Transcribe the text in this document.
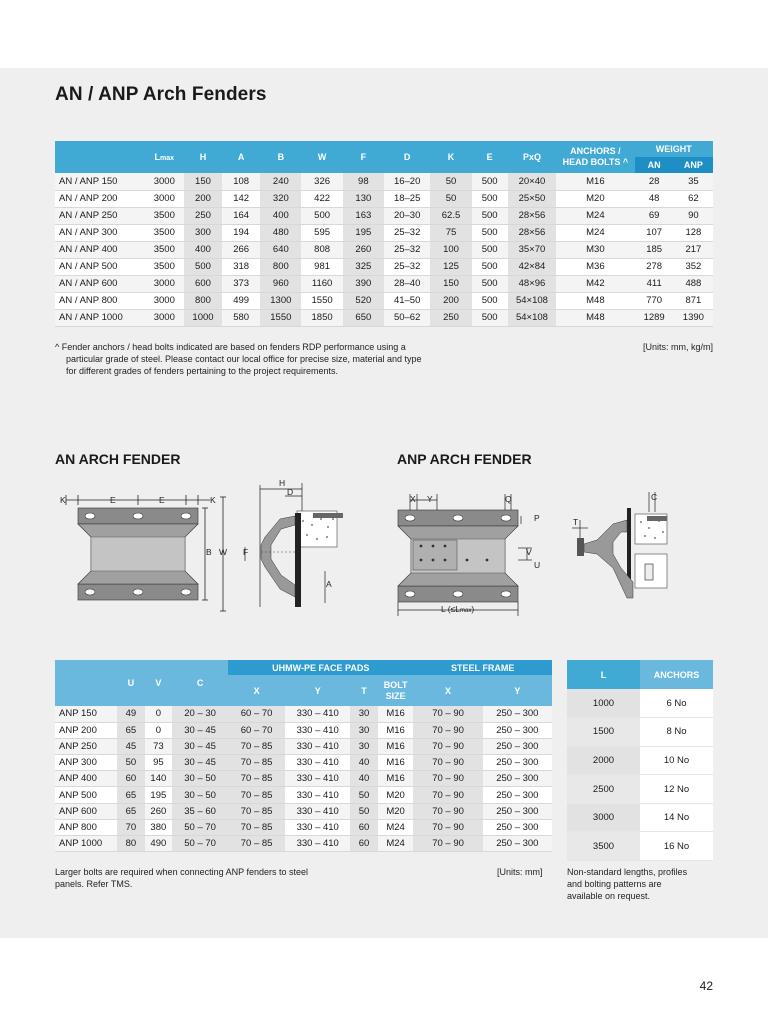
AN / ANP Arch Fenders
	Lmax	H	A	B	W	F	D	K	E	PxQ	ANCHORS / HEAD BOLTS ^	WEIGHT	
												AN	ANP
AN / ANP 150	3000	150	108	240	326	98	16–20	50	500	20×40	M16	28	35
AN / ANP 200	3000	200	142	320	422	130	18–25	50	500	25×50	M20	48	62
AN / ANP 250	3500	250	164	400	500	163	20–30	62.5	500	28×56	M24	69	90
AN / ANP 300	3500	300	194	480	595	195	25–32	75	500	28×56	M24	107	128
AN / ANP 400	3500	400	266	640	808	260	25–32	100	500	35×70	M30	185	217
AN / ANP 500	3500	500	318	800	981	325	25–32	125	500	42×84	M36	278	352
AN / ANP 600	3000	600	373	960	1160	390	28–40	150	500	48×96	M42	411	488
AN / ANP 800	3000	800	499	1300	1550	520	41–50	200	500	54×108	M48	770	871
AN / ANP 1000	3000	1000	580	1550	1850	650	50–62	250	500	54×108	M48	1289	1390
^ Fender anchors / head bolts indicated are based on fenders RDP performance using a
particular grade of steel. Please contact our local office for precise size, material and type
for different grades of fenders pertaining to the project requirements.
[Units: mm, kg/m]
AN ARCH FENDER	ANP ARCH FENDER
K	E	E	K
B W
H
D
F
A
X Y	Q
P
V
U
L (≤Lmax)
T
C
	U	V	C	UHMW-PE FACE PADS				STEEL FRAME	
				X	Y	T	BOLT SIZE	X	Y
ANP 150	49	0	20 – 30	60 – 70	330 – 410	30	M16	70 – 90	250 – 300
ANP 200	65	0	30 – 45	60 – 70	330 – 410	30	M16	70 – 90	250 – 300
ANP 250	45	73	30 – 45	70 – 85	330 – 410	30	M16	70 – 90	250 – 300
ANP 300	50	95	30 – 45	70 – 85	330 – 410	40	M16	70 – 90	250 – 300
ANP 400	60	140	30 – 50	70 – 85	330 – 410	40	M16	70 – 90	250 – 300
ANP 500	65	195	30 – 50	70 – 85	330 – 410	50	M20	70 – 90	250 – 300
ANP 600	65	260	35 – 60	70 – 85	330 – 410	50	M20	70 – 90	250 – 300
ANP 800	70	380	50 – 70	70 – 85	330 – 410	60	M24	70 – 90	250 – 300
ANP 1000	80	490	50 – 70	70 – 85	330 – 410	60	M24	70 – 90	250 – 300
Larger bolts are required when connecting ANP fenders to steel
panels. Refer TMS.
[Units: mm]
L	ANCHORS
1000	6 No
1500	8 No
2000	10 No
2500	12 No
3000	14 No
3500	16 No
Non-standard lengths, profiles
and bolting patterns are
available on request.
42
